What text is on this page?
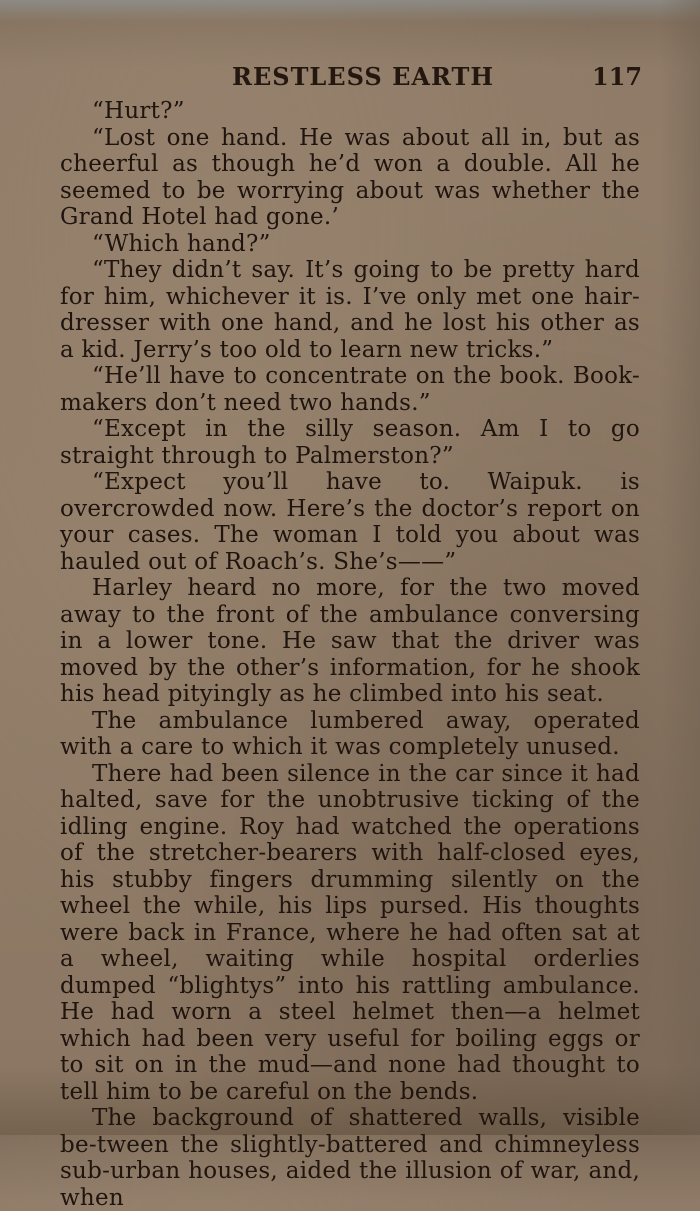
RESTLESS EARTH	117

“Hurt?”

“Lost one hand. He was about all in, but as cheerful as though he’d won a double. All he seemed to be worrying about was whether the Grand Hotel had gone.’

“Which hand?”

“They didn’t say. It’s going to be pretty hard for him, whichever it is. I’ve only met one hair-dresser with one hand, and he lost his other as a kid. Jerry’s too old to learn new tricks.”

“He’ll have to concentrate on the book. Book-makers don’t need two hands.”

“Except in the silly season. Am I to go straight through to Palmerston?”

“Expect you’ll have to. Waipuk. is overcrowded now. Here’s the doctor’s report on your cases. The woman I told you about was hauled out of Roach’s. She’s——”

Harley heard no more, for the two moved away to the front of the ambulance conversing in a lower tone. He saw that the driver was moved by the other’s information, for he shook his head pityingly as he climbed into his seat.

The ambulance lumbered away, operated with a care to which it was completely unused.

There had been silence in the car since it had halted, save for the unobtrusive ticking of the idling engine. Roy had watched the operations of the stretcher-bearers with half-closed eyes, his stubby fingers drumming silently on the wheel the while, his lips pursed. His thoughts were back in France, where he had often sat at a wheel, waiting while hospital orderlies dumped “blightys” into his rattling ambulance. He had worn a steel helmet then—a helmet which had been very useful for boiling eggs or to sit on in the mud—and none had thought to tell him to be careful on the bends.

The background of shattered walls, visible be-tween the slightly-battered and chimneyless sub-urban houses, aided the illusion of war, and, when
